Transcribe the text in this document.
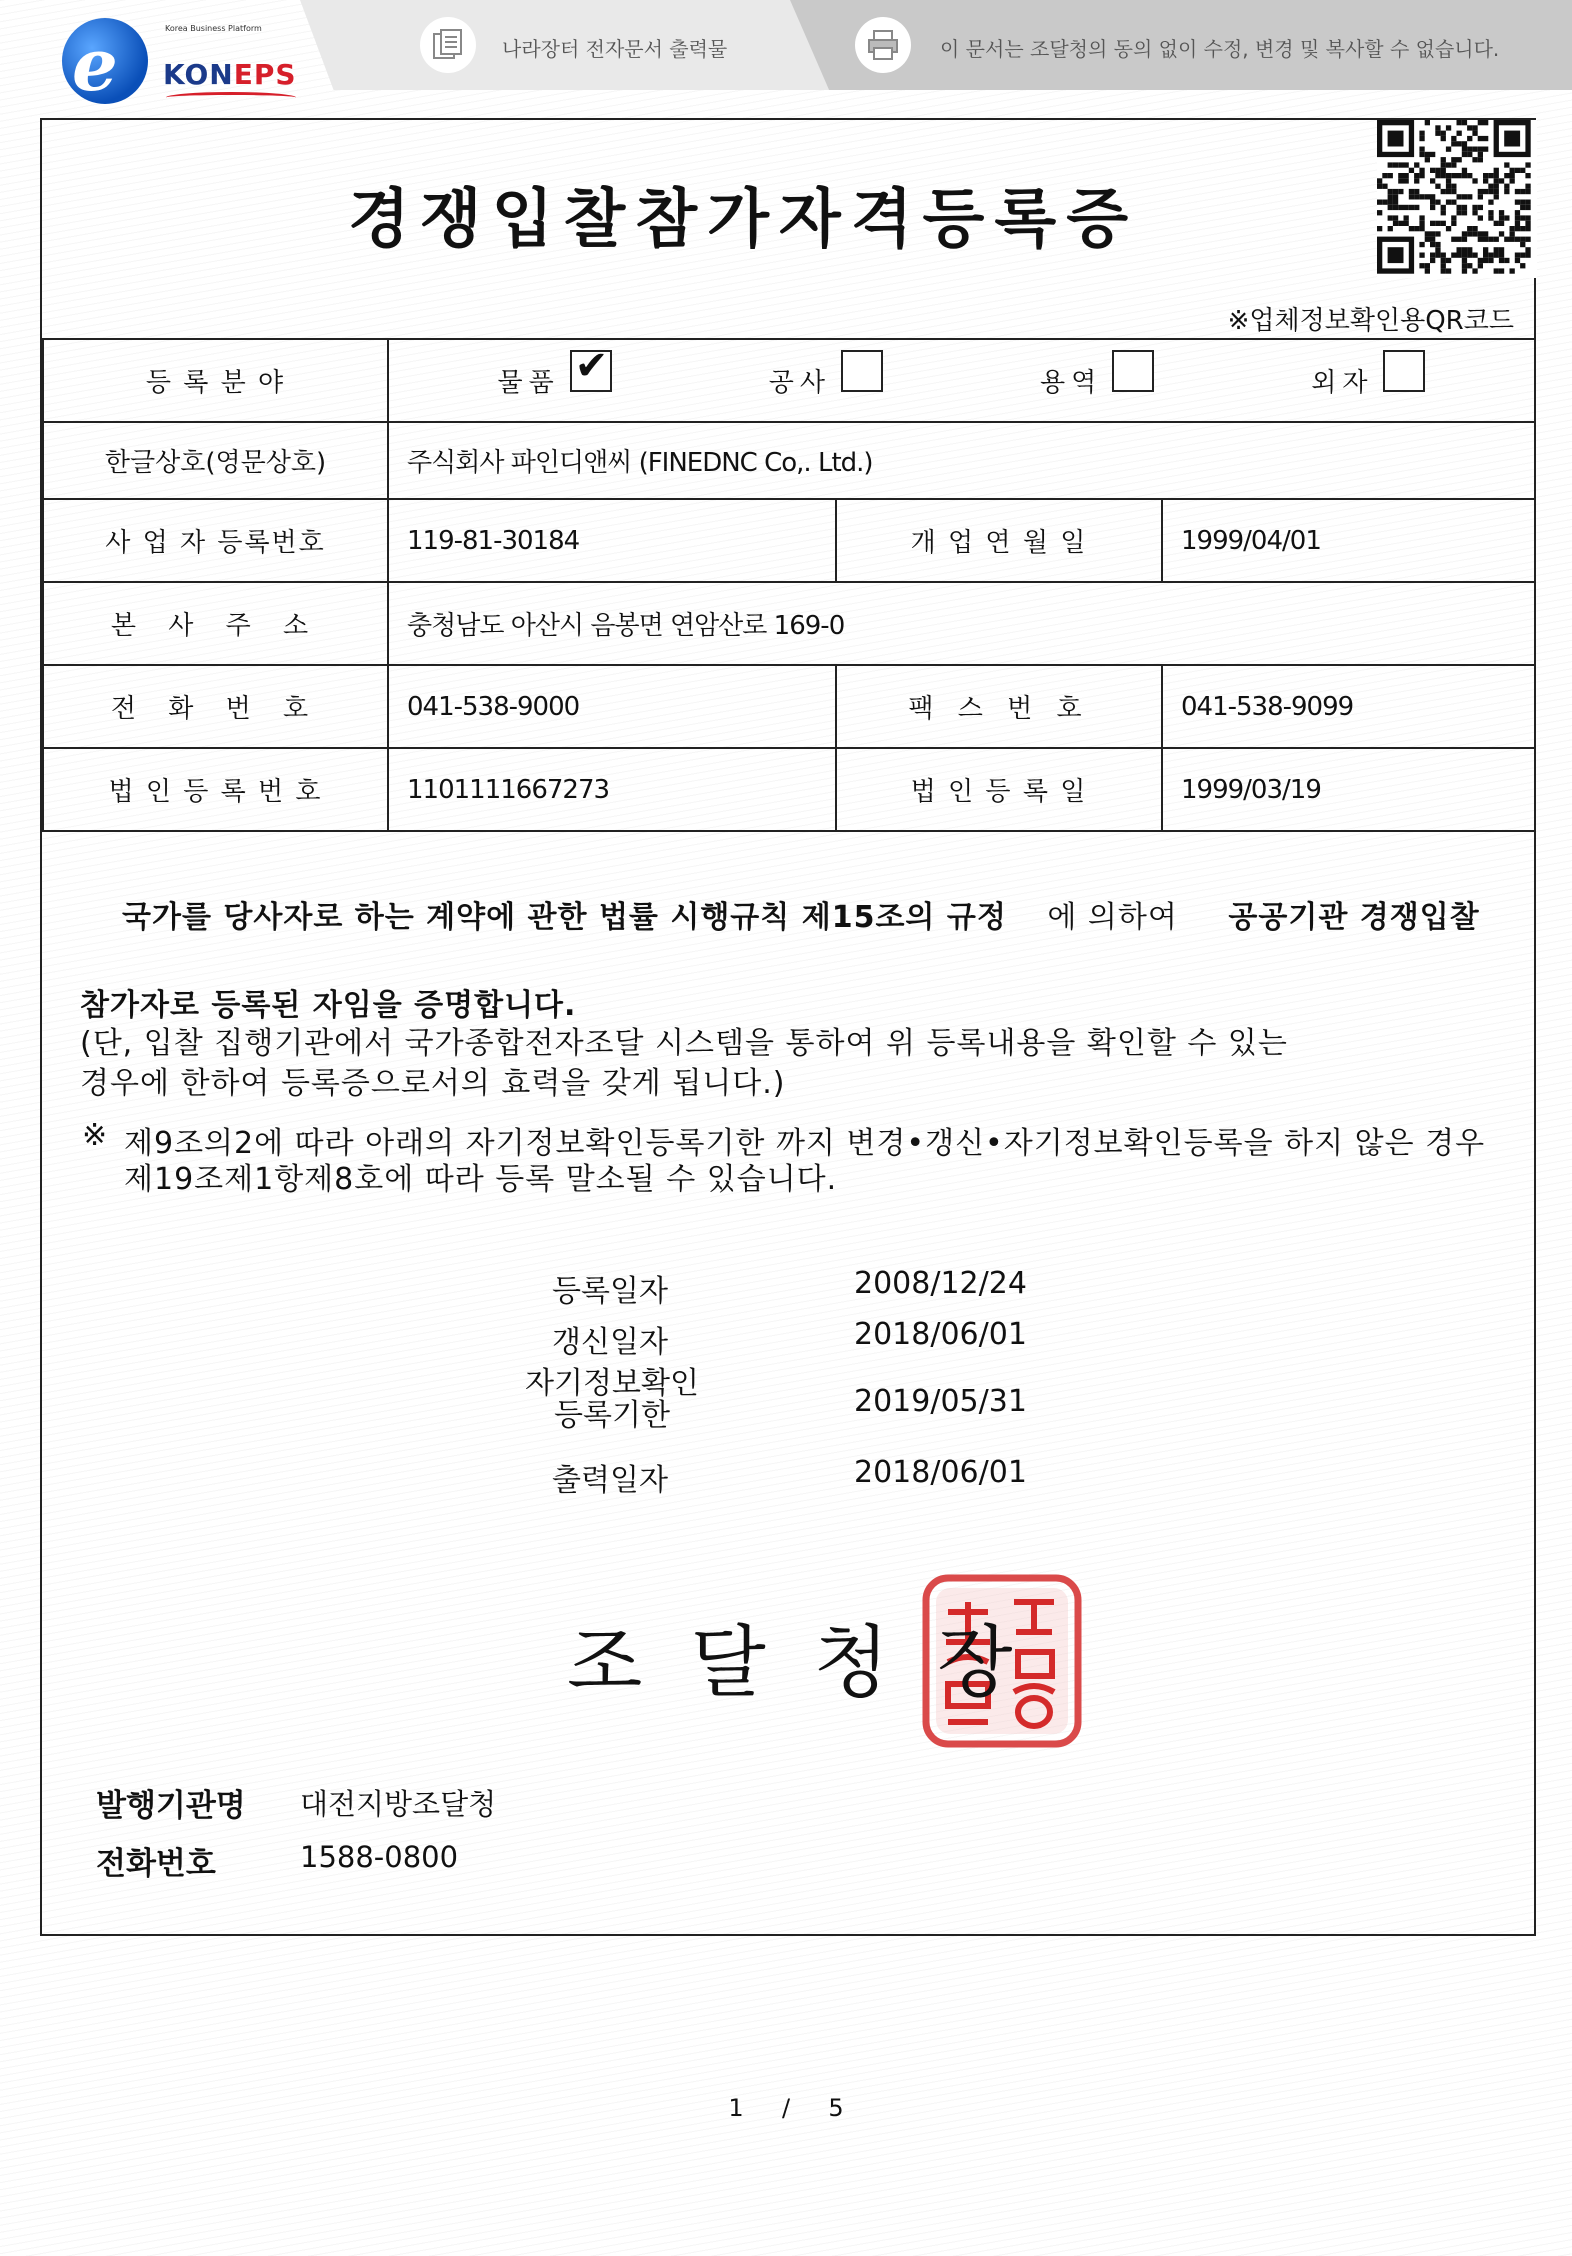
e	Korea Business Platform
KONEPS
나라장터 전자문서 출력물	이 문서는 조달청의 동의 없이 수정, 변경 및 복사할 수 없습니다.
경쟁입찰참가자격등록증
※업체정보확인용QR코드
등 록 분 야	물품 ✔ 공사 용역 외자		

한글상호(영문상호)	주식회사 파인디앤씨 (FINEDNC Co,. Ltd.)		
사 업 자 등록번호	119-81-30184	개 업 연 월 일	1999/04/01
본 사 주 소	충청남도 아산시 음봉면 연암산로 169-0		
전 화 번 호	041-538-9000	팩 스 번 호	041-538-9099
법 인 등 록 번 호	1101111667273	법 인 등 록 일	1999/03/19
국가를 당사자로 하는 계약에 관한 법률 시행규칙 제15조의 규정 에 의하여 공공기관 경쟁입찰
참가자로 등록된 자임을 증명합니다.
(단, 입찰 집행기관에서 국가종합전자조달 시스템을 통하여 위 등록내용을 확인할 수 있는
경우에 한하여 등록증으로서의 효력을 갖게 됩니다.)
※ 제9조의2에 따라 아래의 자기정보확인등록기한 까지 변경•갱신•자기정보확인등록을 하지 않은 경우
제19조제1항제8호에 따라 등록 말소될 수 있습니다.
등록일자	2008/12/24
갱신일자	2018/06/01
자기정보확인
등록기한	2019/05/31
출력일자	2018/06/01
조달청장
발행기관명 대전지방조달청
전화번호	1588-0800
1 / 5
